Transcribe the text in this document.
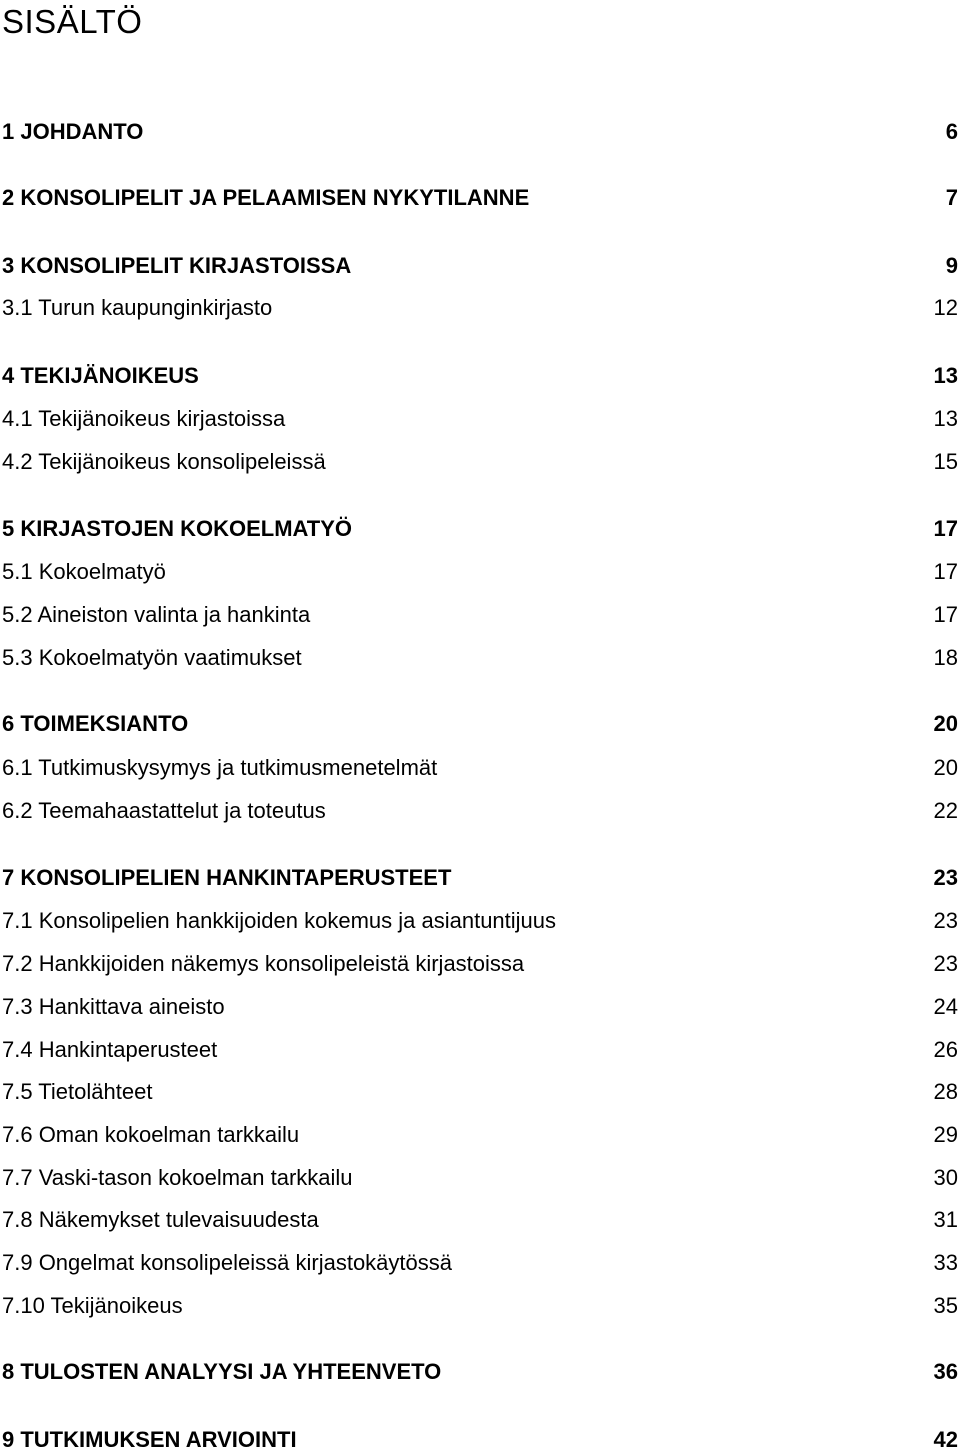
SISÄLTÖ
1 JOHDANTO	6
2 KONSOLIPELIT JA PELAAMISEN NYKYTILANNE	7
3 KONSOLIPELIT KIRJASTOISSA	9
3.1 Turun kaupunginkirjasto	12
4 TEKIJÄNOIKEUS	13
4.1 Tekijänoikeus kirjastoissa	13
4.2 Tekijänoikeus konsolipeleissä	15
5 KIRJASTOJEN KOKOELMATYÖ	17
5.1 Kokoelmatyö	17
5.2 Aineiston valinta ja hankinta	17
5.3 Kokoelmatyön vaatimukset	18
6 TOIMEKSIANTO	20
6.1 Tutkimuskysymys ja tutkimusmenetelmät	20
6.2 Teemahaastattelut ja toteutus	22
7 KONSOLIPELIEN HANKINTAPERUSTEET	23
7.1 Konsolipelien hankkijoiden kokemus ja asiantuntijuus	23
7.2 Hankkijoiden näkemys konsolipeleistä kirjastoissa	23
7.3 Hankittava aineisto	24
7.4 Hankintaperusteet	26
7.5 Tietolähteet	28
7.6 Oman kokoelman tarkkailu	29
7.7 Vaski-tason kokoelman tarkkailu	30
7.8 Näkemykset tulevaisuudesta	31
7.9 Ongelmat konsolipeleissä kirjastokäytössä	33
7.10 Tekijänoikeus	35
8 TULOSTEN ANALYYSI JA YHTEENVETO	36
9 TUTKIMUKSEN ARVIOINTI	42
